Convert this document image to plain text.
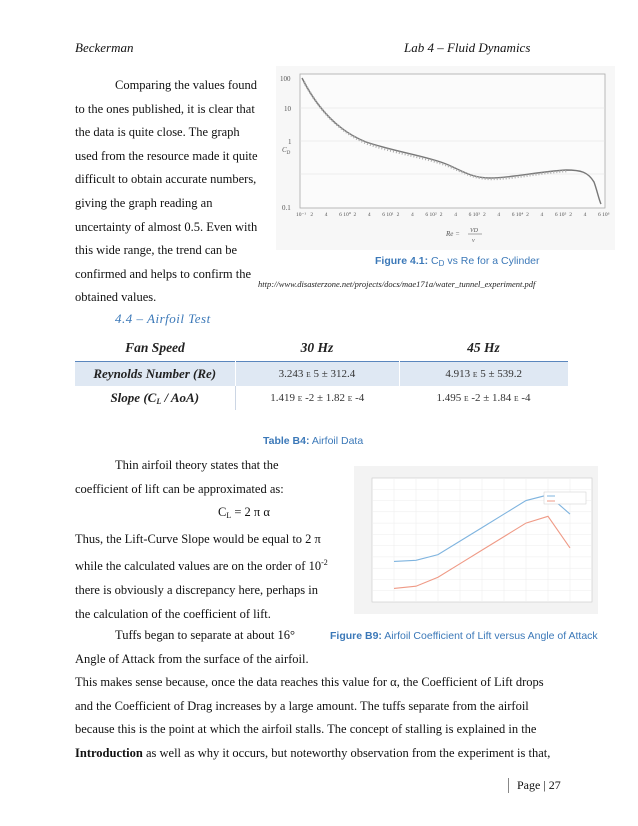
Beckerman	Lab 4 – Fluid Dynamics
Comparing the values found
to the ones published, it is clear that
the data is quite close. The graph
used from the resource made it quite
difficult to obtain accurate numbers,
giving the graph reading an
uncertainty of almost 0.5. Even with
this wide range, the trend can be
confirmed and helps to confirm the
obtained values.
100
10
1
0.1
$C_D$
10⁻¹ 2 4 6 10⁰ 2 4 6 10¹ 2 4 6 10² 2 4 6 10³ 2 4 6 10⁴ 2 4 6 10⁵ 2 4 6 10⁶
Re = VD
ν
Figure 4.1: $C_D$ vs Re for a Cylinder
http://www.disasterzone.net/projects/docs/mae171a/water_tunnel_experiment.pdf
4.4 – Airfoil Test
Fan Speed	30 Hz	45 Hz
Reynolds Number (Re)	3.243 E 5 ± 312.4	4.913 E 5 ± 539.2
Slope $(C_L / AoA)$	1.419 E -2 ± 1.82 E -4	1.495 E -2 ± 1.84 E -4
Table B4: Airfoil Data
Thin airfoil theory states that the
coefficient of lift can be approximated as:
$C_L = 2$ π α
Thus, the Lift-Curve Slope would be equal to 2 π
while the calculated values are on the order of $10^{-2}$
there is obviously a discrepancy here, perhaps in
the calculation of the coefficient of lift.
Figure B9: Airfoil Coefficient of Lift versus Angle of Attack
Tuffs began to separate at about 16°
Angle of Attack from the surface of the airfoil.
This makes sense because, once the data reaches this value for α, the Coefficient of Lift drops
and the Coefficient of Drag increases by a large amount. The tuffs separate from the airfoil
because this is the point at which the airfoil stalls. The concept of stalling is explained in the
Introduction as well as why it occurs, but noteworthy observation from the experiment is that,
Page | 27
